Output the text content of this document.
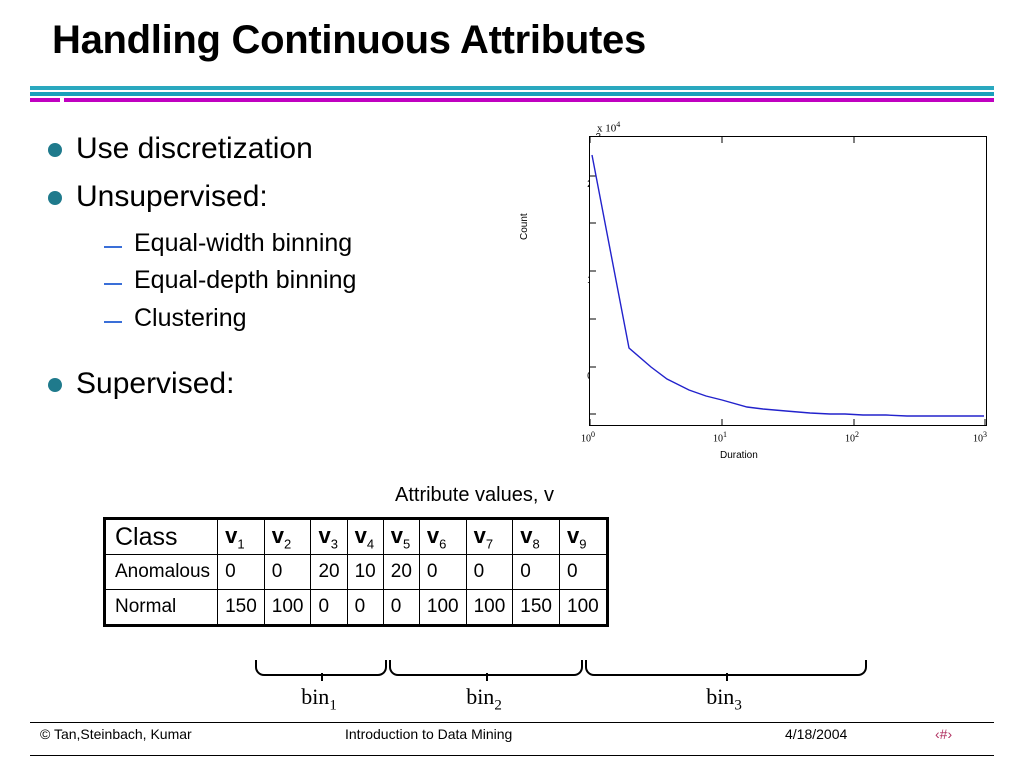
Handling Continuous Attributes
Use discretization
Unsupervised:
Equal-width binning
Equal-depth binning
Clustering
Supervised:
x $10^4$
Count
$10^0$	$10^1$	$10^2$	$10^3$
Duration
Attribute values, v
Class	$v_1$	$v_2$	$v_3$	$v_4$	$v_5$	$v_6$	$v_7$	$v_8$	$v_9$
Anomalous	0	0	20	10	20	0	0	0	0
Normal	150	100	0	0	0	100	100	150	100
bin$_1$	bin$_2$	bin$_3$
© Tan,Steinbach, Kumar	Introduction to Data Mining	4/18/2004	‹#›
